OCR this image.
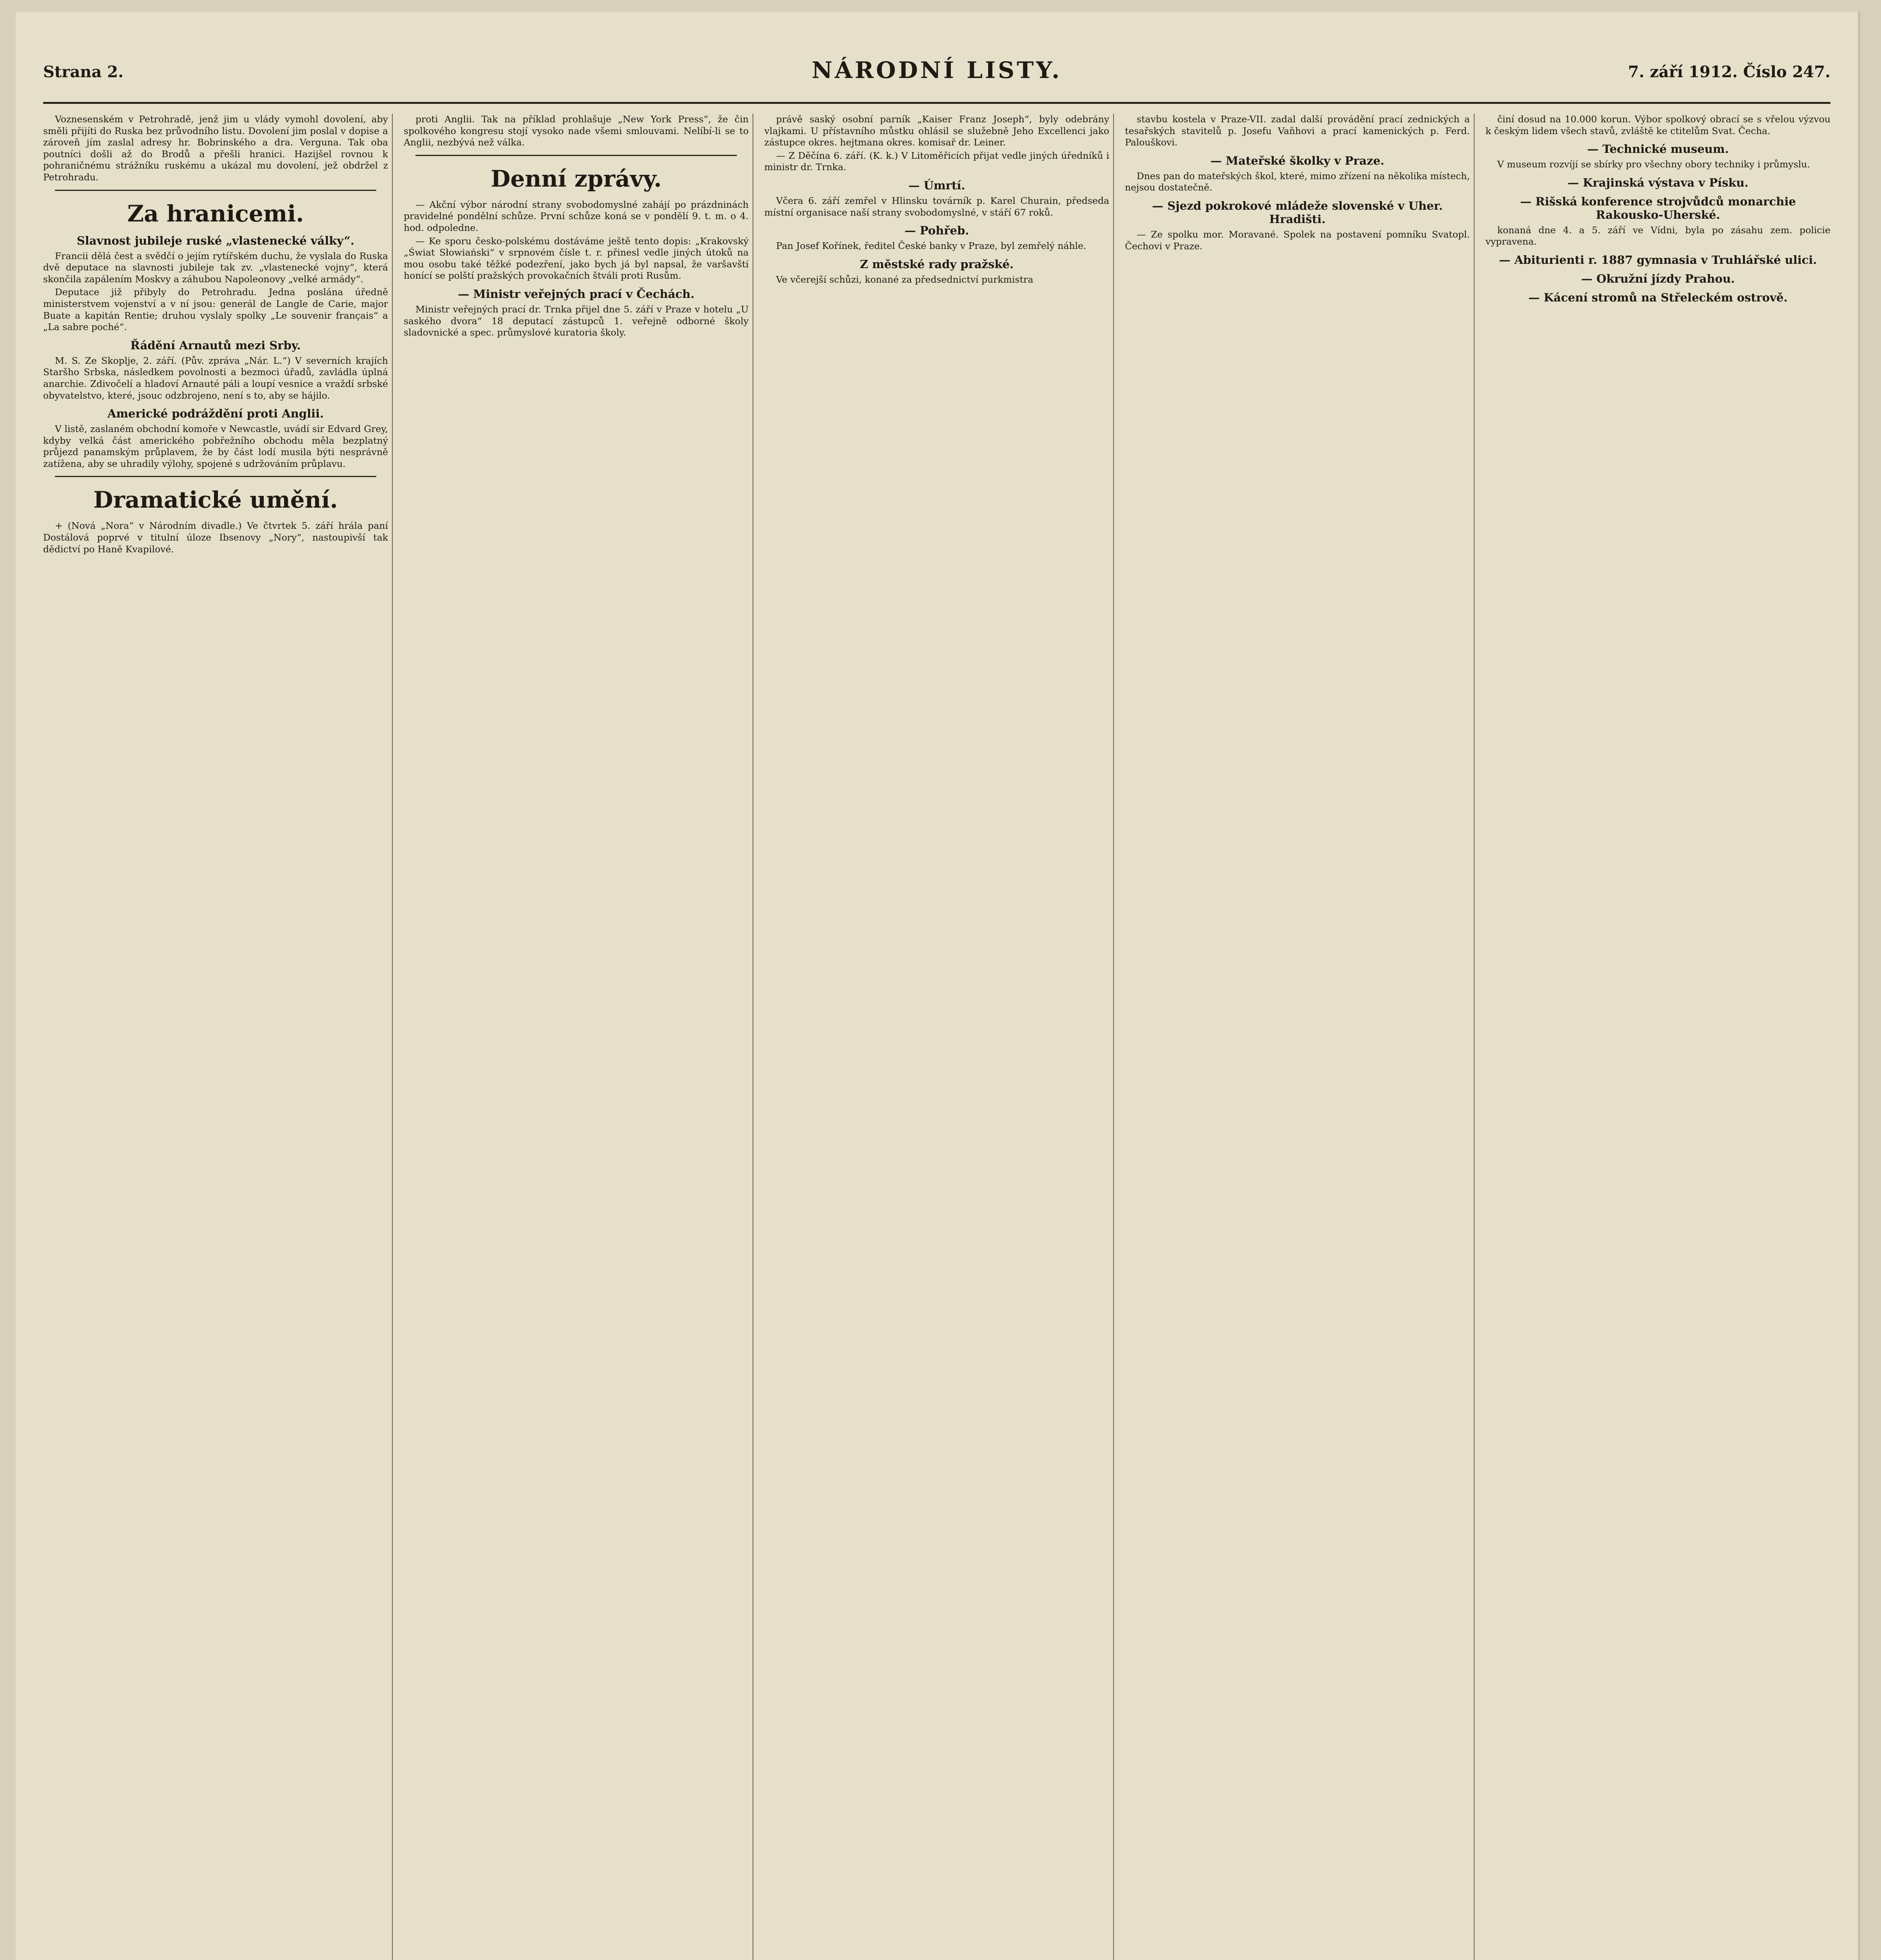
Strana 2.	NÁRODNÍ LISTY.	7. září 1912. Číslo 247.

Voznesenském v Petrohradě, jenž jim u vlády vymohl dovolení, aby směli přijíti do Ruska bez průvodního listu. Dovolení jim poslal v dopise a zároveň jím zaslal adresy hr. Bobrinského a dra. Verguna. Tak oba poutníci došli až do Brodů a přešli hranici. Hazijšel rovnou k pohraničnému strážníku ruskému a ukázal mu dovolení, jež obdržel z Petrohradu.

Za hranicemi.
Slavnost jubileje ruské „vlastenecké války“.

Francii dělá čest a svědčí o jejím rytířském duchu, že vyslala do Ruska dvě deputace na slavnosti jubileje tak zv. „vlastenecké vojny“, která skončila zapálením Moskvy a záhubou Napoleonovy „velké armády“.

Deputace již přibyly do Petrohradu. Jedna poslána úředně ministerstvem vojenství a v ní jsou: generál de Langle de Carie, major Buate a kapitán Rentie; druhou vyslaly spolky „Le souvenir français“ a „La sabre poché“.

Řádění Arnautů mezi Srby.

M. S. Ze Skoplje, 2. září. (Pův. zpráva „Nár. L.“) V severních krajích Staršho Srbska, následkem povolnosti a bezmoci úřadů, zavládla úplná anarchie. Zdivočelí a hladoví Arnauté páli a loupí vesnice a vraždí srbské obyvatelstvo, které, jsouc odzbrojeno, není s to, aby se hájilo.

Americké podráždění proti Anglii.

V listě, zaslaném obchodní komoře v Newcastle, uvádí sir Edvard Grey, kdyby velká část amerického pobřežního obchodu měla bezplatný průjezd panamským průplavem, že by část lodí musila býti nesprávně zatížena, aby se uhradily výlohy, spojené s udržováním průplavu.

Dramatické umění.

+ (Nová „Nora“ v Národním divadle.) Ve čtvrtek 5. září hrála paní Dostálová poprvé v titulní úloze Ibsenovy „Nory“, nastoupivší tak dědictví po Haně Kvapilové.

proti Anglii. Tak na příklad prohlašuje „New York Press“, že čin spolkového kongresu stojí vysoko nade všemi smlouvami. Nelíbí-li se to Anglii, nezbývá než válka.

Denní zprávy.

— Akční výbor národní strany svobodomyslné zahájí po prázdninách pravidelné pondělní schůze. První schůze koná se v pondělí 9. t. m. o 4. hod. odpoledne.

— Ke sporu česko-polskému dostáváme ještě tento dopis: „Krakovský „Świat Słowiański“ v srpnovém čísle t. r. přinesl vedle jiných útoků na mou osobu také těžké podezření, jako bych já byl napsal, že varšavští honící se polští pražských provokačních štváli proti Rusům.

— Ministr veřejných prací v Čechách.

Ministr veřejných prací dr. Trnka přijel dne 5. září v Praze v hotelu „U saského dvora“ 18 deputací zástupců 1. veřejně odborné školy sladovnické a spec. průmyslové kuratoria školy.

právě saský osobní parník „Kaiser Franz Joseph“, byly odebrány vlajkami. U přístavního můstku ohlásil se služebně Jeho Excellenci jako zástupce okres. hejtmana okres. komisař dr. Leiner.

— Z Děčína 6. září. (K. k.) V Litoměřicích přijat vedle jiných úředníků i ministr dr. Trnka.

— Úmrtí.

Včera 6. září zemřel v Hlinsku továrník p. Karel Churain, předseda místní organisace naší strany svobodomyslné, v stáří 67 roků.

— Pohřeb.

Pan Josef Kořínek, ředitel České banky v Praze, byl zemřelý náhle.

Z městské rady pražské.

Ve včerejší schůzi, konané za předsednictví purkmistra

stavbu kostela v Praze-VII. zadal další provádění prací zednických a tesařských stavitelů p. Josefu Vaňhovi a prací kamenických p. Ferd. Palouškovi.

— Mateřské školky v Praze.

Dnes pan do mateřských škol, které, mimo zřízení na několika místech, nejsou dostatečně.

— Sjezd pokrokové mládeže slovenské v Uher. Hradišti.

— Ze spolku mor. Moravané. Spolek na postavení pomníku Svatopl. Čechovi v Praze.

činí dosud na 10.000 korun. Výbor spolkový obrací se s vřelou výzvou k českým lidem všech stavů, zvláště ke ctitelům Svat. Čecha.

— Technické museum.

V museum rozvíjí se sbírky pro všechny obory techniky i průmyslu.

— Krajinská výstava v Písku.
— Rišská konference strojvůdců monarchie Rakousko-Uherské.

konaná dne 4. a 5. září ve Vídni, byla po zásahu zem. policie vypravena.

— Abiturienti r. 1887 gymnasia v Truhlářské ulici.
— Okružní jízdy Prahou.
— Kácení stromů na Střeleckém ostrově.
